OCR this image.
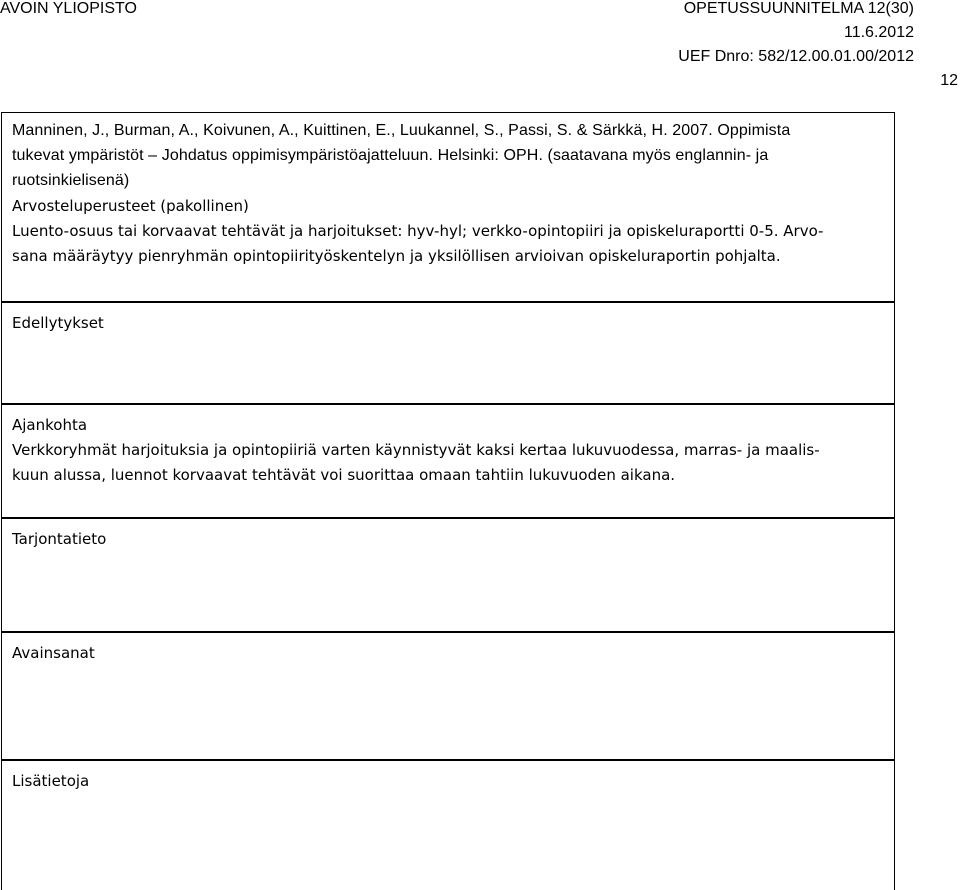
AVOIN YLIOPISTO	OPETUSSUUNNITELMA 12(30)
11.6.2012
UEF Dnro: 582/12.00.01.00/2012
12
Manninen, J., Burman, A., Koivunen, A., Kuittinen, E., Luukannel, S., Passi, S. & Särkkä, H. 2007. Oppimista
tukevat ympäristöt – Johdatus oppimisympäristöajatteluun. Helsinki: OPH. (saatavana myös englannin- ja
ruotsinkielisenä)
Arvosteluperusteet (pakollinen)
Luento-osuus tai korvaavat tehtävät ja harjoitukset: hyv-hyl; verkko-opintopiiri ja opiskeluraportti 0-5. Arvo-
sana määräytyy pienryhmän opintopiirityöskentelyn ja yksilöllisen arvioivan opiskeluraportin pohjalta.
Edellytykset
Ajankohta
Verkkoryhmät harjoituksia ja opintopiiriä varten käynnistyvät kaksi kertaa lukuvuodessa, marras- ja maalis-
kuun alussa, luennot korvaavat tehtävät voi suorittaa omaan tahtiin lukuvuoden aikana.
Tarjontatieto
Avainsanat
Lisätietoja
